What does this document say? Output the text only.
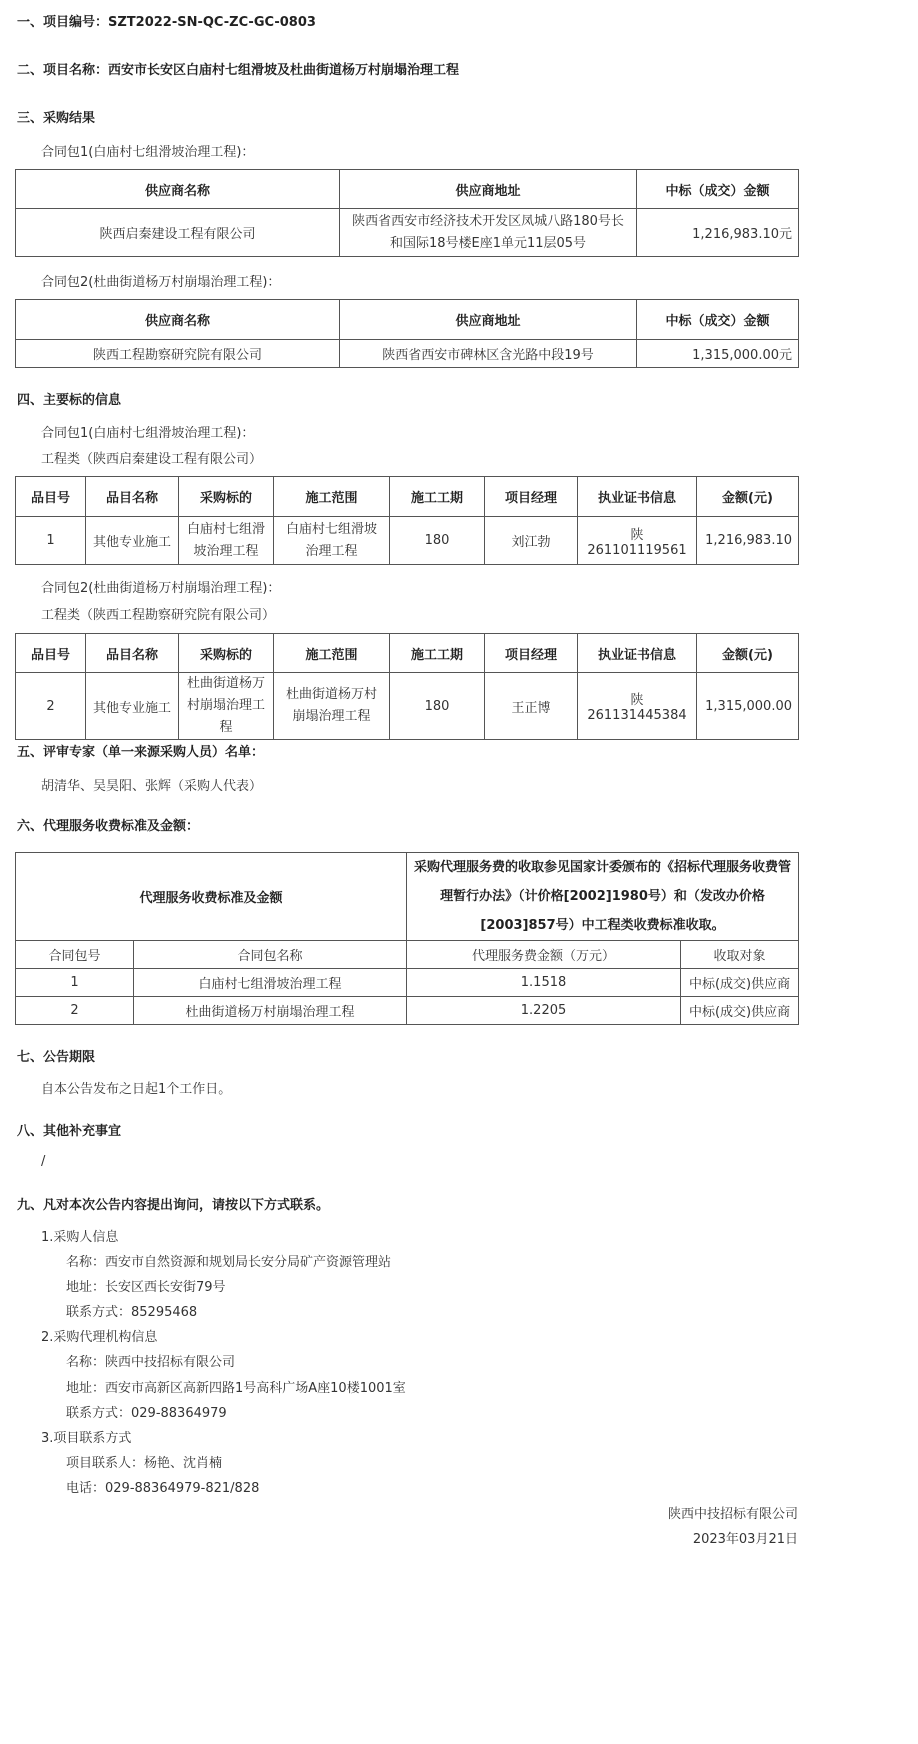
一、项目编号：SZT2022-SN-QC-ZC-GC-0803
二、项目名称：西安市长安区白庙村七组滑坡及杜曲街道杨万村崩塌治理工程
三、采购结果
合同包1(白庙村七组滑坡治理工程)：
供应商名称	供应商地址	中标（成交）金额
陕西启秦建设工程有限公司	陕西省西安市经济技术开发区凤城八路180号长和国际18号楼E座1单元11层05号	1,216,983.10元
合同包2(杜曲街道杨万村崩塌治理工程)：
供应商名称	供应商地址	中标（成交）金额
陕西工程勘察研究院有限公司	陕西省西安市碑林区含光路中段19号	1,315,000.00元
四、主要标的信息
合同包1(白庙村七组滑坡治理工程)：
工程类（陕西启秦建设工程有限公司）
品目号	品目名称	采购标的	施工范围	施工工期	项目经理	执业证书信息	金额(元)
1	其他专业施工	白庙村七组滑坡治理工程	白庙村七组滑坡治理工程	180	刘江勃	陕261101119561	1,216,983.10
合同包2(杜曲街道杨万村崩塌治理工程)：
工程类（陕西工程勘察研究院有限公司）
品目号	品目名称	采购标的	施工范围	施工工期	项目经理	执业证书信息	金额(元)
2	其他专业施工	杜曲街道杨万村崩塌治理工程	杜曲街道杨万村崩塌治理工程	180	王正博	陕261131445384	1,315,000.00
五、评审专家（单一来源采购人员）名单：
胡清华、吴昊阳、张辉（采购人代表）
六、代理服务收费标准及金额：
代理服务收费标准及金额		采购代理服务费的收取参见国家计委颁布的《招标代理服务收费管理暂行办法》（计价格[2002]1980号）和（发改办价格[2003]857号）中工程类收费标准收取。	
合同包号	合同包名称	代理服务费金额（万元）	收取对象
1	白庙村七组滑坡治理工程	1.1518	中标(成交)供应商
2	杜曲街道杨万村崩塌治理工程	1.2205	中标(成交)供应商
七、公告期限
自本公告发布之日起1个工作日。
八、其他补充事宜
/
九、凡对本次公告内容提出询问，请按以下方式联系。
1.采购人信息
名称：西安市自然资源和规划局长安分局矿产资源管理站
地址：长安区西长安街79号
联系方式：85295468
2.采购代理机构信息
名称：陕西中技招标有限公司
地址：西安市高新区高新四路1号高科广场A座10楼1001室
联系方式：029-88364979
3.项目联系方式
项目联系人：杨艳、沈肖楠
电话：029-88364979-821/828
陕西中技招标有限公司
2023年03月21日
